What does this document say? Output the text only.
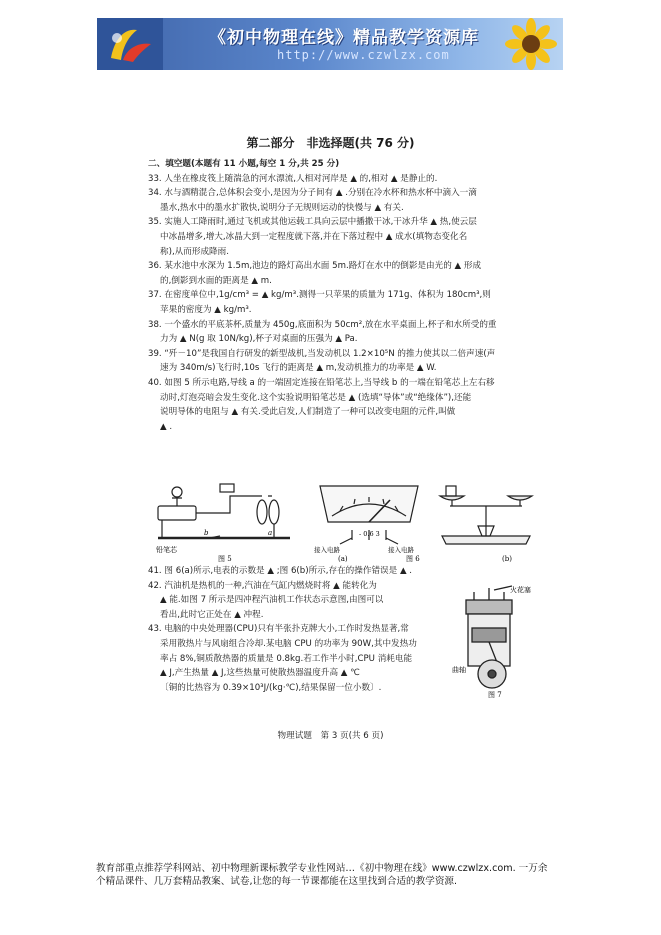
《初中物理在线》精品教学资源库
http://www.czwlzx.com
第二部分　非选择题(共 76 分)
二、填空题(本题有 11 小题,每空 1 分,共 25 分)
33. 人坐在橡皮筏上随湍急的河水漂流,人相对河岸是 ▲ 的,相对 ▲ 是静止的.
34. 水与酒精混合,总体积会变小,是因为分子间有 ▲ .分别在冷水杯和热水杯中滴入一滴
墨水,热水中的墨水扩散快,说明分子无规则运动的快慢与 ▲ 有关.
35. 实施人工降雨时,通过飞机或其他运载工具向云层中播撒干冰,干冰升华 ▲ 热,使云层
中冰晶增多,增大,冰晶大到一定程度就下落,并在下落过程中 ▲ 成水(填物态变化名
称),从而形成降雨.
36. 某水池中水深为 1.5m,池边的路灯高出水面 5m.路灯在水中的倒影是由光的 ▲ 形成
的,倒影到水面的距离是 ▲ m.
37. 在密度单位中,1g/cm³ = ▲ kg/m³.测得一只苹果的质量为 171g、体积为 180cm³,则
苹果的密度为 ▲ kg/m³.
38. 一个盛水的平底茶杯,质量为 450g,底面积为 50cm²,放在水平桌面上,杯子和水所受的重
力为 ▲ N(g 取 10N/kg),杯子对桌面的压强为 ▲ Pa.
39. “歼－10”是我国自行研发的新型战机,当发动机以 1.2×10⁵N 的推力使其以二倍声速(声
速为 340m/s)飞行时,10s 飞行的距离是 ▲ m,发动机推力的功率是 ▲ W.
40. 如图 5 所示电路,导线 a 的一端固定连接在铅笔芯上,当导线 b 的一端在铅笔芯上左右移
动时,灯泡亮暗会发生变化.这个实验说明铅笔芯是 ▲ (选填“导体”或“绝缘体”),还能
说明导体的电阻与 ▲ 有关.受此启发,人们制造了一种可以改变电阻的元件,叫做
▲ .
b	a
铅笔芯
图 5
- 0.6 3
接入电路	接入电路
(a)	图 6	(b)
41. 图 6(a)所示,电表的示数是 ▲ ;图 6(b)所示,存在的操作错误是 ▲ .
42. 汽油机是热机的一种,汽油在气缸内燃烧时将 ▲ 能转化为
▲ 能.如图 7 所示是四冲程汽油机工作状态示意图,由图可以
看出,此时它正处在 ▲ 冲程.
43. 电脑的中央处理器(CPU)只有半张扑克牌大小,工作时发热显著,常
采用散热片与风扇组合冷却.某电脑 CPU 的功率为 90W,其中发热功
率占 8%,铜质散热器的质量是 0.8kg.若工作半小时,CPU 消耗电能
▲ J,产生热量 ▲ J,这些热量可使散热器温度升高 ▲ ℃
〔铜的比热容为 0.39×10³J/(kg·℃),结果保留一位小数〕.
火花塞
曲轴
图 7
物理试题　第 3 页(共 6 页)
教育部重点推荐学科网站、初中物理新课标教学专业性网站…《初中物理在线》www.czwlzx.com. 一万余
个精品课件、几万套精品教案、试卷,让您的每一节课都能在这里找到合适的教学资源.
